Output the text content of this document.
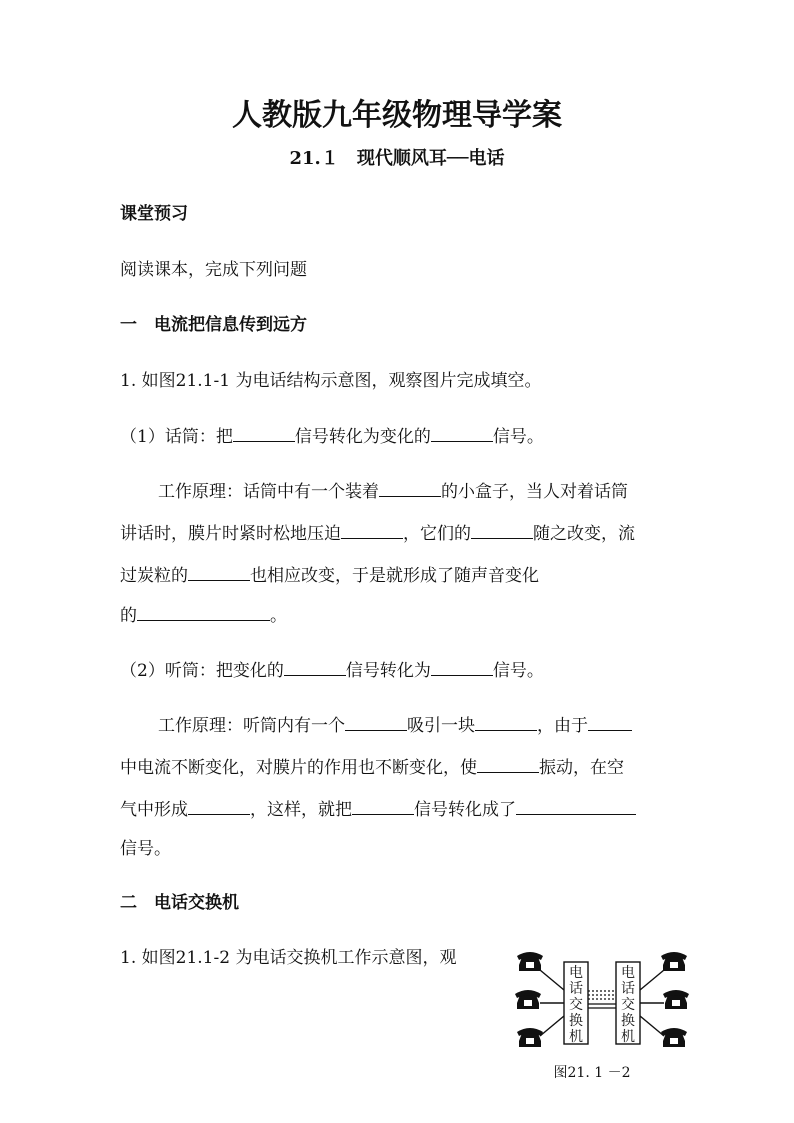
人教版九年级物理导学案
21.１　现代顺风耳──电话
课堂预习
阅读课本，完成下列问题
一　电流把信息传到远方
1. 如图21.1-1 为电话结构示意图，观察图片完成填空。
（1）话筒：把	信号转化为变化的	信号。
工作原理：话筒中有一个装着	的小盒子，当人对着话筒
讲话时，膜片时紧时松地压迫	，它们的	随之改变，流
过炭粒的	也相应改变，于是就形成了随声音变化
的	。
（2）听筒：把变化的	信号转化为	信号。
工作原理：听筒内有一个	吸引一块	，由于
中电流不断变化，对膜片的作用也不断变化，使	振动，在空
气中形成	，这样，就把	信号转化成了
信号。
二　电话交换机
1. 如图21.1-2 为电话交换机工作示意图，观
电
话
交
换
机
电
话
交
换
机
图21. 1 －2
